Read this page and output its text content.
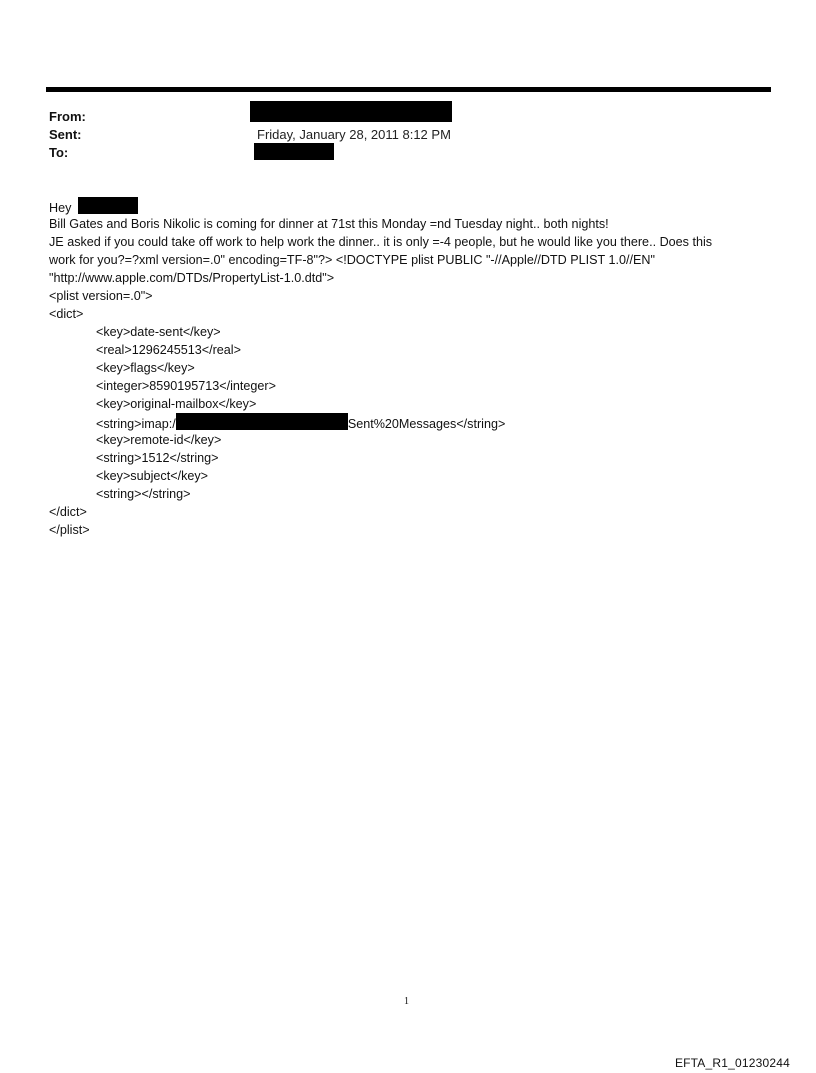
From:
Sent:	Friday, January 28, 2011 8:12 PM
To:
Hey
Bill Gates and Boris Nikolic is coming for dinner at 71st this Monday =nd Tuesday night.. both nights!
JE asked if you could take off work to help work the dinner.. it is only =-4 people, but he would like you there.. Does this
work for you?=?xml version=.0" encoding=TF-8"?> <!DOCTYPE plist PUBLIC "-//Apple//DTD PLIST 1.0//EN"
"http://www.apple.com/DTDs/PropertyList-1.0.dtd">
<plist version=.0">
<dict>
<key>date-sent</key>
<real>1296245513</real>
<key>flags</key>
<integer>8590195713</integer>
<key>original-mailbox</key>
<string>imap:/	Sent%20Messages</string>
<key>remote-id</key>
<string>1512</string>
<key>subject</key>
<string></string>
</dict>
</plist>
1
EFTA_R1_01230244
